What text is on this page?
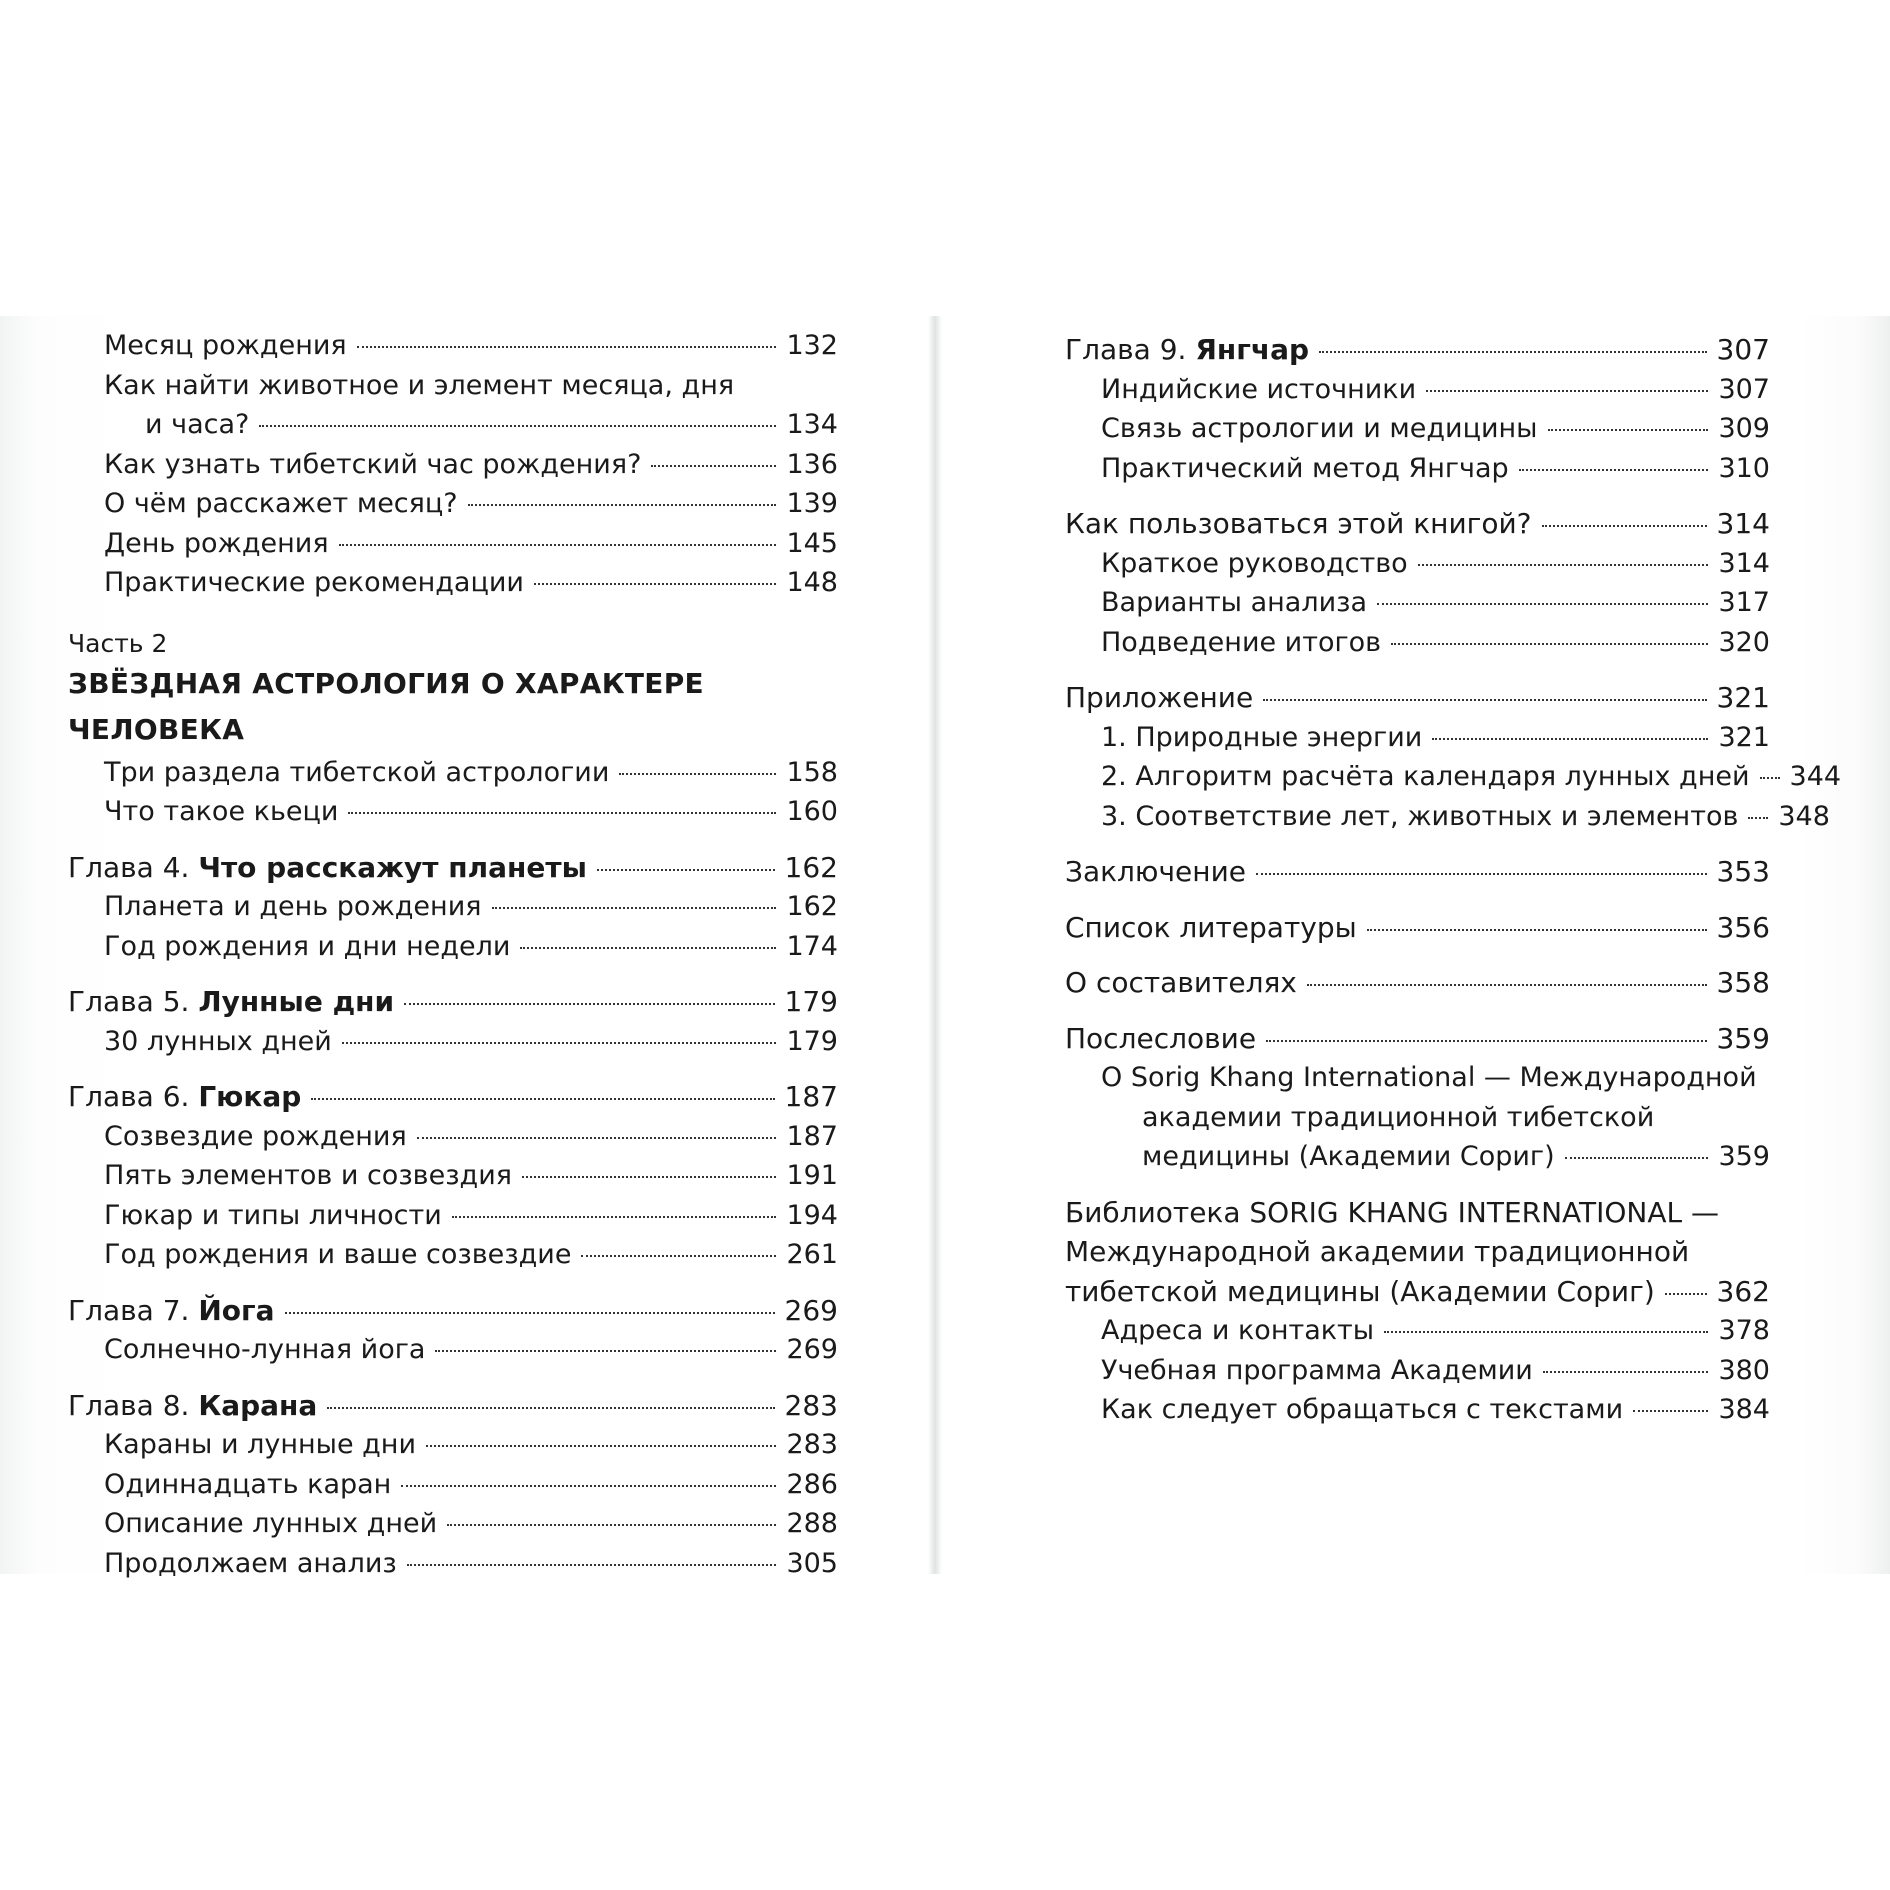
Месяц рождения	132
Как найти животное и элемент месяца, дня
и часа?	134
Как узнать тибетский час рождения?	136
О чём расскажет месяц?	139
День рождения	145
Практические рекомендации	148
Часть 2
ЗВЁЗДНАЯ АСТРОЛОГИЯ О ХАРАКТЕРЕ ЧЕЛОВЕКА
Три раздела тибетской астрологии	158
Что такое кьеци	160
Глава 4. Что расскажут планеты	162
Планета и день рождения	162
Год рождения и дни недели	174
Глава 5. Лунные дни	179
30 лунных дней	179
Глава 6. Гюкар	187
Созвездие рождения	187
Пять элементов и созвездия	191
Гюкар и типы личности	194
Год рождения и ваше созвездие	261
Глава 7. Йога	269
Солнечно-лунная йога	269
Глава 8. Карана	283
Караны и лунные дни	283
Одиннадцать каран	286
Описание лунных дней	288
Продолжаем анализ	305
Глава 9. Янгчар	307
Индийские источники	307
Связь астрологии и медицины	309
Практический метод Янгчар	310
Как пользоваться этой книгой?	314
Краткое руководство	314
Варианты анализа	317
Подведение итогов	320
Приложение	321
1. Природные энергии	321
2. Алгоритм расчёта календаря лунных дней 344
3. Соответствие лет, животных и элементов 348
Заключение	353
Список литературы	356
О составителях	358
Послесловие	359
О Sorig Khang International — Международной
академии традиционной тибетской
медицины (Академии Сориг)	359
Библиотека SORIG KHANG INTERNATIONAL —
Международной академии традиционной
тибетской медицины (Академии Сориг) 362
Адреса и контакты	378
Учебная программа Академии	380
Как следует обращаться с текстами	384
